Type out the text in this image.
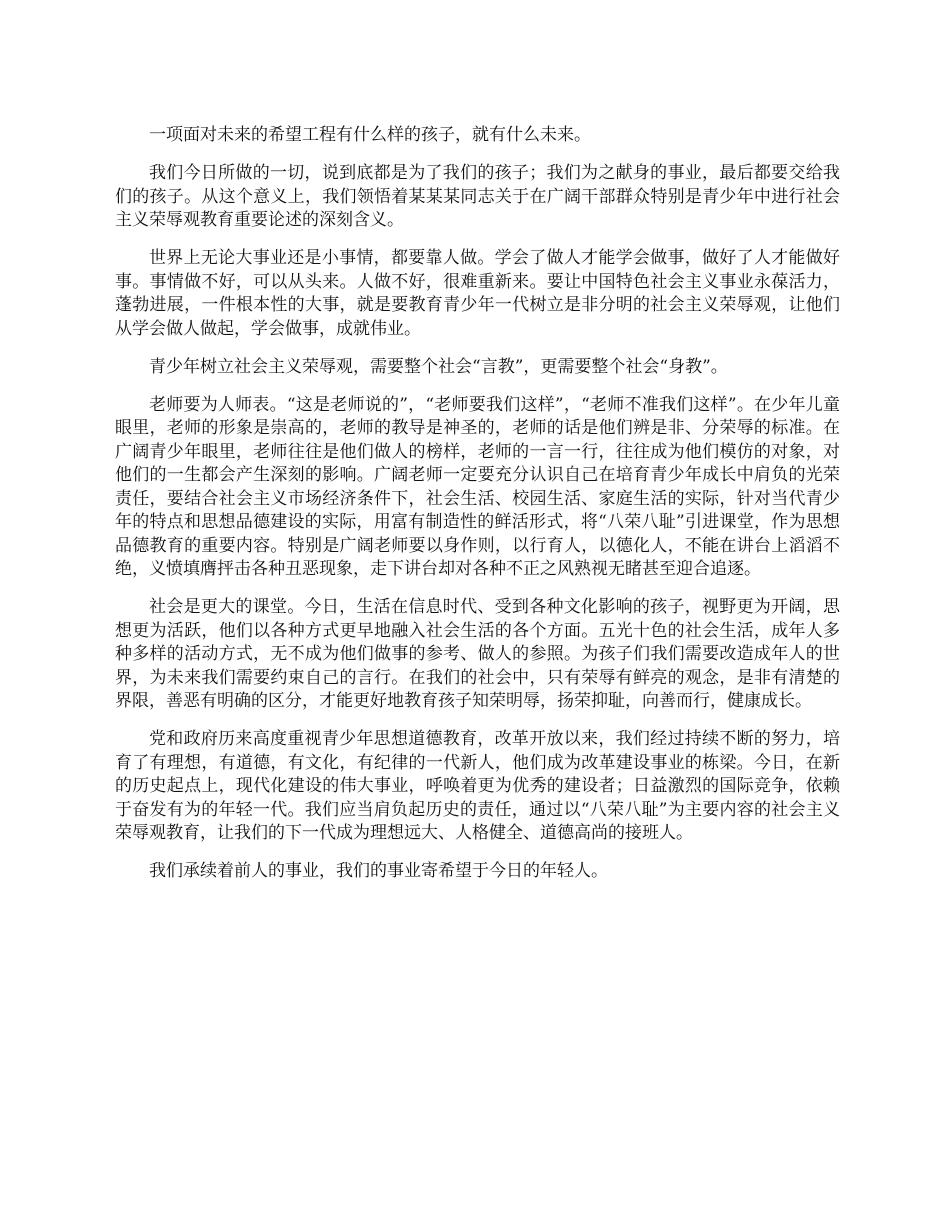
一项面对未来的希望工程有什么样的孩子，就有什么未来。

我们今日所做的一切，说到底都是为了我们的孩子；我们为之献身的事业，最后都要交给我们的孩子。从这个意义上，我们领悟着某某某同志关于在广阔干部群众特别是青少年中进行社会主义荣辱观教育重要论述的深刻含义。

世界上无论大事业还是小事情，都要靠人做。学会了做人才能学会做事，做好了人才能做好事。事情做不好，可以从头来。人做不好，很难重新来。要让中国特色社会主义事业永葆活力，蓬勃进展，一件根本性的大事，就是要教育青少年一代树立是非分明的社会主义荣辱观，让他们从学会做人做起，学会做事，成就伟业。

青少年树立社会主义荣辱观，需要整个社会“言教”，更需要整个社会“身教”。

老师要为人师表。“这是老师说的”，“老师要我们这样”，“老师不准我们这样”。在少年儿童眼里，老师的形象是崇高的，老师的教导是神圣的，老师的话是他们辨是非、分荣辱的标准。在广阔青少年眼里，老师往往是他们做人的榜样，老师的一言一行，往往成为他们模仿的对象，对他们的一生都会产生深刻的影响。广阔老师一定要充分认识自己在培育青少年成长中肩负的光荣责任，要结合社会主义市场经济条件下，社会生活、校园生活、家庭生活的实际，针对当代青少年的特点和思想品德建设的实际，用富有制造性的鲜活形式，将“八荣八耻”引进课堂，作为思想品德教育的重要内容。特别是广阔老师要以身作则，以行育人，以德化人，不能在讲台上滔滔不绝，义愤填膺抨击各种丑恶现象，走下讲台却对各种不正之风熟视无睹甚至迎合追逐。

社会是更大的课堂。今日，生活在信息时代、受到各种文化影响的孩子，视野更为开阔，思想更为活跃，他们以各种方式更早地融入社会生活的各个方面。五光十色的社会生活，成年人多种多样的活动方式，无不成为他们做事的参考、做人的参照。为孩子们我们需要改造成年人的世界，为未来我们需要约束自己的言行。在我们的社会中，只有荣辱有鲜亮的观念，是非有清楚的界限，善恶有明确的区分，才能更好地教育孩子知荣明辱，扬荣抑耻，向善而行，健康成长。

党和政府历来高度重视青少年思想道德教育，改革开放以来，我们经过持续不断的努力，培育了有理想，有道德，有文化，有纪律的一代新人，他们成为改革建设事业的栋梁。今日，在新的历史起点上，现代化建设的伟大事业，呼唤着更为优秀的建设者；日益激烈的国际竞争，依赖于奋发有为的年轻一代。我们应当肩负起历史的责任，通过以“八荣八耻”为主要内容的社会主义荣辱观教育，让我们的下一代成为理想远大、人格健全、道德高尚的接班人。

我们承续着前人的事业，我们的事业寄希望于今日的年轻人。
